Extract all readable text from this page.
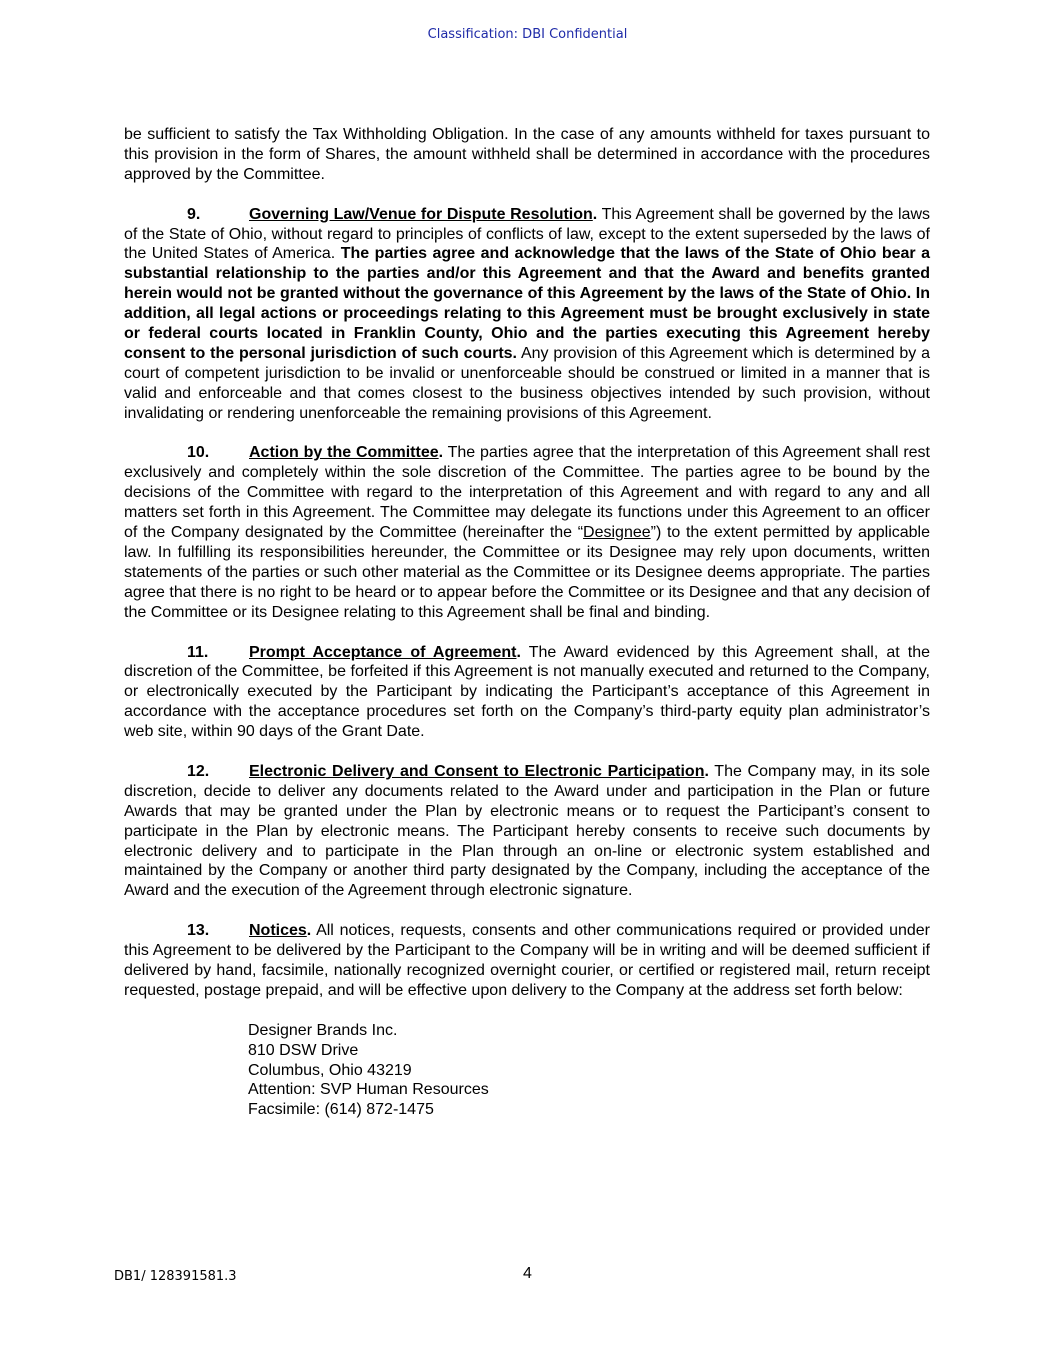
Classification: DBI Confidential

be sufficient to satisfy the Tax Withholding Obligation. In the case of any amounts withheld for taxes pursuant to this provision in the form of Shares, the amount withheld shall be determined in accordance with the procedures approved by the Committee.

9.	Governing Law/Venue for Dispute Resolution. This Agreement shall be governed by the laws of the State of Ohio, without regard to principles of conflicts of law, except to the extent superseded by the laws of the United States of America. The parties agree and acknowledge that the laws of the State of Ohio bear a substantial relationship to the parties and/or this Agreement and that the Award and benefits granted herein would not be granted without the governance of this Agreement by the laws of the State of Ohio. In addition, all legal actions or proceedings relating to this Agreement must be brought exclusively in state or federal courts located in Franklin County, Ohio and the parties executing this Agreement hereby consent to the personal jurisdiction of such courts. Any provision of this Agreement which is determined by a court of competent jurisdiction to be invalid or unenforceable should be construed or limited in a manner that is valid and enforceable and that comes closest to the business objectives intended by such provision, without invalidating or rendering unenforceable the remaining provisions of this Agreement.

10. Action by the Committee. The parties agree that the interpretation of this Agreement shall rest exclusively and completely within the sole discretion of the Committee. The parties agree to be bound by the decisions of the Committee with regard to the interpretation of this Agreement and with regard to any and all matters set forth in this Agreement. The Committee may delegate its functions under this Agreement to an officer of the Company designated by the Committee (hereinafter the “Designee”) to the extent permitted by applicable law. In fulfilling its responsibilities hereunder, the Committee or its Designee may rely upon documents, written statements of the parties or such other material as the Committee or its Designee deems appropriate. The parties agree that there is no right to be heard or to appear before the Committee or its Designee and that any decision of the Committee or its Designee relating to this Agreement shall be final and binding.

11.	Prompt Acceptance of Agreement. The Award evidenced by this Agreement shall, at the discretion of the Committee, be forfeited if this Agreement is not manually executed and returned to the Company, or electronically executed by the Participant by indicating the Participant’s acceptance of this Agreement in accordance with the acceptance procedures set forth on the Company’s third-party equity plan administrator’s web site, within 90 days of the Grant Date.

12. Electronic Delivery and Consent to Electronic Participation. The Company may, in its sole discretion, decide to deliver any documents related to the Award under and participation in the Plan or future Awards that may be granted under the Plan by electronic means or to request the Participant’s consent to participate in the Plan by electronic means. The Participant hereby consents to receive such documents by electronic delivery and to participate in the Plan through an on-line or electronic system established and maintained by the Company or another third party designated by the Company, including the acceptance of the Award and the execution of the Agreement through electronic signature.

13. Notices. All notices, requests, consents and other communications required or provided under this Agreement to be delivered by the Participant to the Company will be in writing and will be deemed sufficient if delivered by hand, facsimile, nationally recognized overnight courier, or certified or registered mail, return receipt requested, postage prepaid, and will be effective upon delivery to the Company at the address set forth below:

Designer Brands Inc.
810 DSW Drive
Columbus, Ohio 43219
Attention: SVP Human Resources
Facsimile: (614) 872-1475
DB1/ 128391581.3	4
